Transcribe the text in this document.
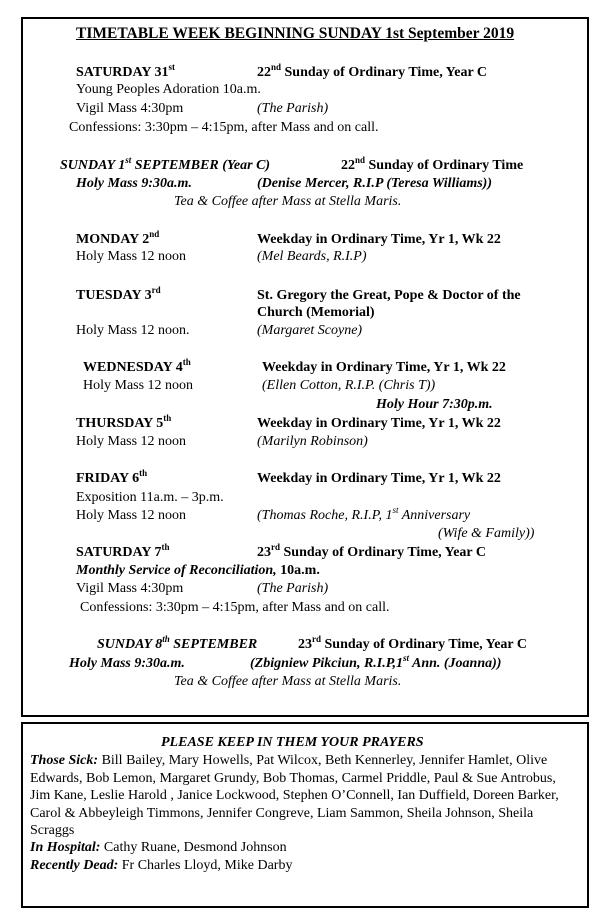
TIMETABLE WEEK BEGINNING SUNDAY 1st September 2019
SATURDAY 31st	22nd Sunday of Ordinary Time, Year C
Young Peoples Adoration 10a.m.
Vigil Mass 4:30pm	(The Parish)
Confessions: 3:30pm – 4:15pm, after Mass and on call.
SUNDAY 1st SEPTEMBER (Year C)	22nd Sunday of Ordinary Time
Holy Mass 9:30a.m.	(Denise Mercer, R.I.P (Teresa Williams))
Tea & Coffee after Mass at Stella Maris.
MONDAY 2nd	Weekday in Ordinary Time, Yr 1, Wk 22
Holy Mass 12 noon	(Mel Beards, R.I.P)
TUESDAY 3rd	St. Gregory the Great, Pope & Doctor of the
Church (Memorial)
Holy Mass 12 noon.	(Margaret Scoyne)
WEDNESDAY 4th	Weekday in Ordinary Time, Yr 1, Wk 22
Holy Mass 12 noon	(Ellen Cotton, R.I.P. (Chris T))
Holy Hour 7:30p.m.
THURSDAY 5th	Weekday in Ordinary Time, Yr 1, Wk 22
Holy Mass 12 noon	(Marilyn Robinson)
FRIDAY 6th	Weekday in Ordinary Time, Yr 1, Wk 22
Exposition 11a.m. – 3p.m.
Holy Mass 12 noon	(Thomas Roche, R.I.P, 1st Anniversary
(Wife & Family))
SATURDAY 7th	23rd Sunday of Ordinary Time, Year C
Monthly Service of Reconciliation, 10a.m.
Vigil Mass 4:30pm	(The Parish)
Confessions: 3:30pm – 4:15pm, after Mass and on call.
SUNDAY 8th SEPTEMBER	23rd Sunday of Ordinary Time, Year C
Holy Mass 9:30a.m.	(Zbigniew Pikciun, R.I.P,1st Ann. (Joanna))
Tea & Coffee after Mass at Stella Maris.
PLEASE KEEP IN THEM YOUR PRAYERS
Those Sick: Bill Bailey, Mary Howells, Pat Wilcox, Beth Kennerley, Jennifer Hamlet, Olive Edwards, Bob Lemon, Margaret Grundy, Bob Thomas, Carmel Priddle, Paul & Sue Antrobus, Jim Kane, Leslie Harold , Janice Lockwood, Stephen O’Connell, Ian Duffield, Doreen Barker, Carol & Abbeyleigh Timmons, Jennifer Congreve, Liam Sammon, Sheila Johnson, Sheila Scraggs
In Hospital: Cathy Ruane, Desmond Johnson
Recently Dead: Fr Charles Lloyd, Mike Darby
